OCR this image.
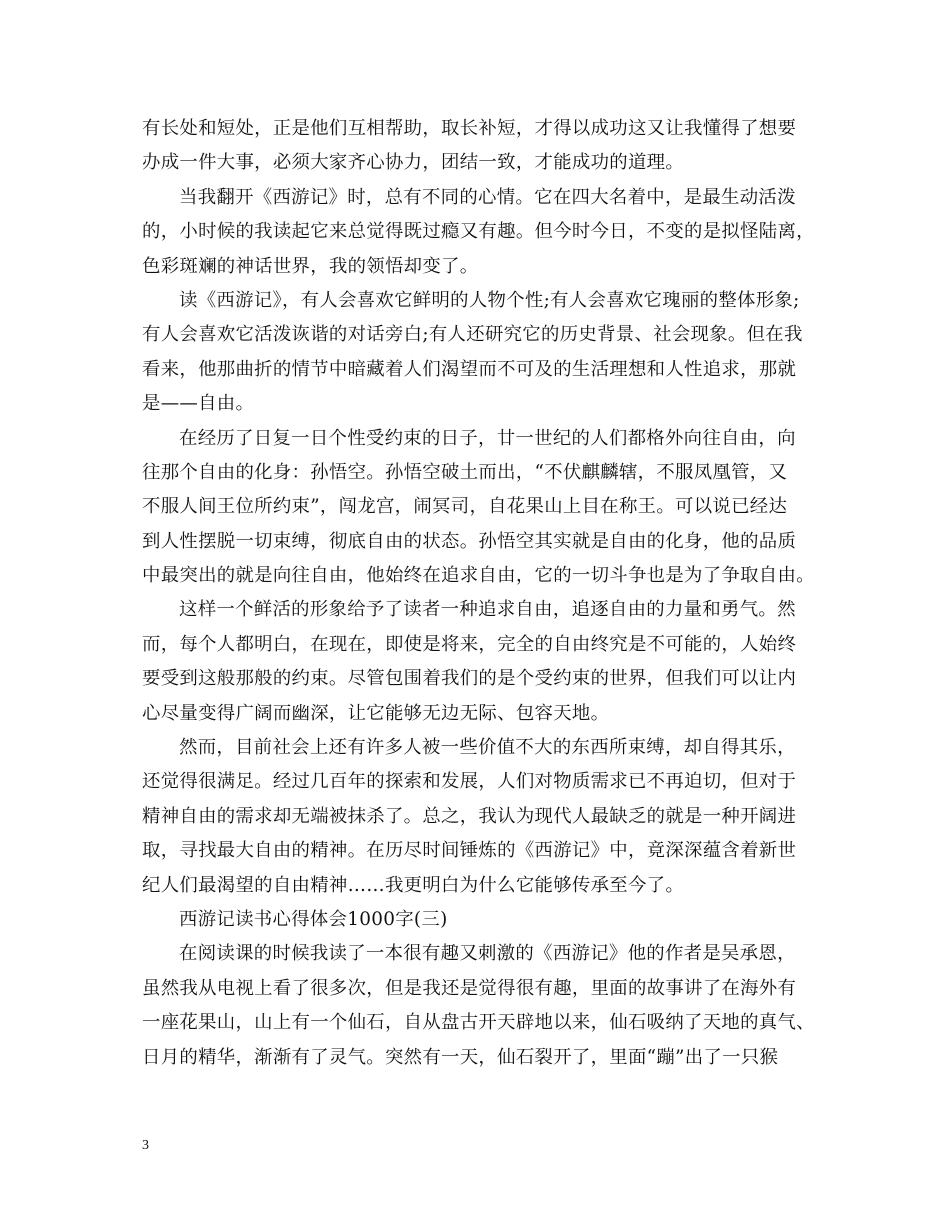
有长处和短处，正是他们互相帮助，取长补短，才得以成功这又让我懂得了想要
办成一件大事，必须大家齐心协力，团结一致，才能成功的道理。
当我翻开《西游记》时，总有不同的心情。它在四大名着中，是最生动活泼
的，小时候的我读起它来总觉得既过瘾又有趣。但今时今日，不变的是拟怪陆离，
色彩斑斓的神话世界，我的领悟却变了。
读《西游记》，有人会喜欢它鲜明的人物个性;有人会喜欢它瑰丽的整体形象;
有人会喜欢它活泼诙谐的对话旁白;有人还研究它的历史背景、社会现象。但在我
看来，他那曲折的情节中暗藏着人们渴望而不可及的生活理想和人性追求，那就
是——自由。
在经历了日复一日个性受约束的日子，廿一世纪的人们都格外向往自由，向
往那个自由的化身：孙悟空。孙悟空破土而出，“不伏麒麟辖，不服凤凰管，又
不服人间王位所约束”，闯龙宫，闹冥司，自花果山上目在称王。可以说已经达
到人性摆脱一切束缚，彻底自由的状态。孙悟空其实就是自由的化身，他的品质
中最突出的就是向往自由，他始终在追求自由，它的一切斗争也是为了争取自由。
这样一个鲜活的形象给予了读者一种追求自由，追逐自由的力量和勇气。然
而，每个人都明白，在现在，即使是将来，完全的自由终究是不可能的，人始终
要受到这般那般的约束。尽管包围着我们的是个受约束的世界，但我们可以让内
心尽量变得广阔而幽深，让它能够无边无际、包容天地。
然而，目前社会上还有许多人被一些价值不大的东西所束缚，却自得其乐，
还觉得很满足。经过几百年的探索和发展，人们对物质需求已不再迫切，但对于
精神自由的需求却无端被抹杀了。总之，我认为现代人最缺乏的就是一种开阔进
取，寻找最大自由的精神。在历尽时间锤炼的《西游记》中，竟深深蕴含着新世
纪人们最渴望的自由精神……我更明白为什么它能够传承至今了。
西游记读书心得体会1000字(三)
在阅读课的时候我读了一本很有趣又刺激的《西游记》他的作者是吴承恩，
虽然我从电视上看了很多次，但是我还是觉得很有趣，里面的故事讲了在海外有
一座花果山，山上有一个仙石，自从盘古开天辟地以来，仙石吸纳了天地的真气、
日月的精华，渐渐有了灵气。突然有一天，仙石裂开了，里面“蹦”出了一只猴
3
